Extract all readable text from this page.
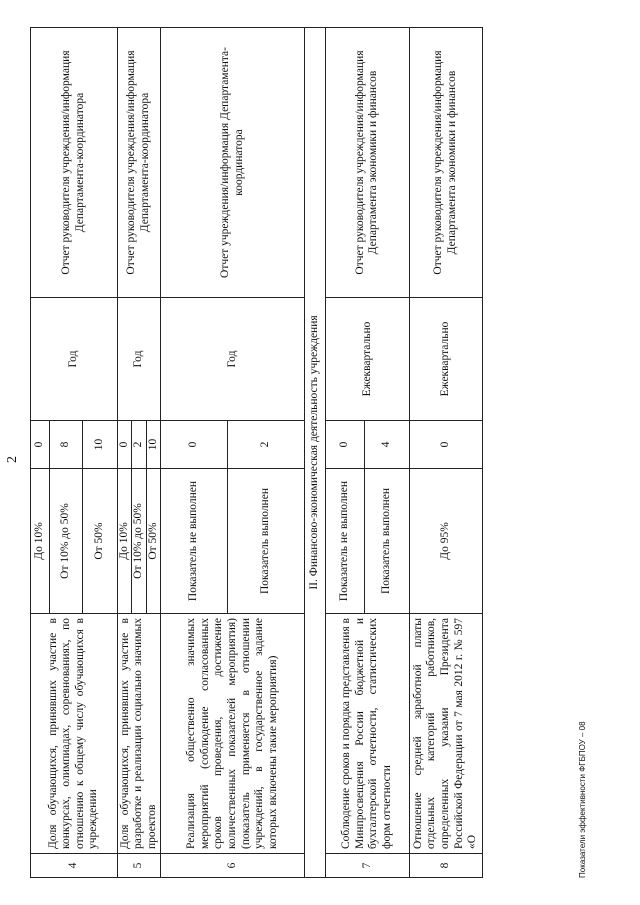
2
4	Доля обучающихся, принявших участие в конкурсах, олимпиадах, соревнованиях, по отношению к общему числу обучающихся в учреждении	До 10%	0	Год	Отчет руководителя учреждения/информация Департамента-координатора
		От 10% до 50%	8		
		От 50%	10		
5	Доля обучающихся, принявших участие в разработке и реализации социально значимых проектов	До 10%	0	Год	Отчет руководителя учреждения/информация Департамента-координатора
		От 10% до 50%	2		
		От 50%	10		
6	Реализация общественно значимых мероприятий (соблюдение согласованных сроков проведения, достижение количественных показателей мероприятия) (показатель применяется в отношении учреждений, в государственное задание которых включены такие мероприятия)	Показатель не выполнен	0	Год	Отчет учреждения/информация Департамента-координатора
		Показатель выполнен	2		
II. Финансово-экономическая деятельность учреждения					
7	Соблюдение сроков и порядка представления в Минпросвещения России бюджетной и бухгалтерской отчетности, статистических форм отчетности	Показатель не выполнен	0	Ежеквартально	Отчет руководителя учреждения/информация Департамента экономики и финансов
		Показатель выполнен	4		
8	Отношение средней заработной платы отдельных категорий работников, определенных указами Президента Российской Федерации от 7 мая 2012 г. № 597 «О	До 95%	0	Ежеквартально	Отчет руководителя учреждения/информация Департамента экономики и финансов
Показатели эффективности ФГБПОУ – 08
